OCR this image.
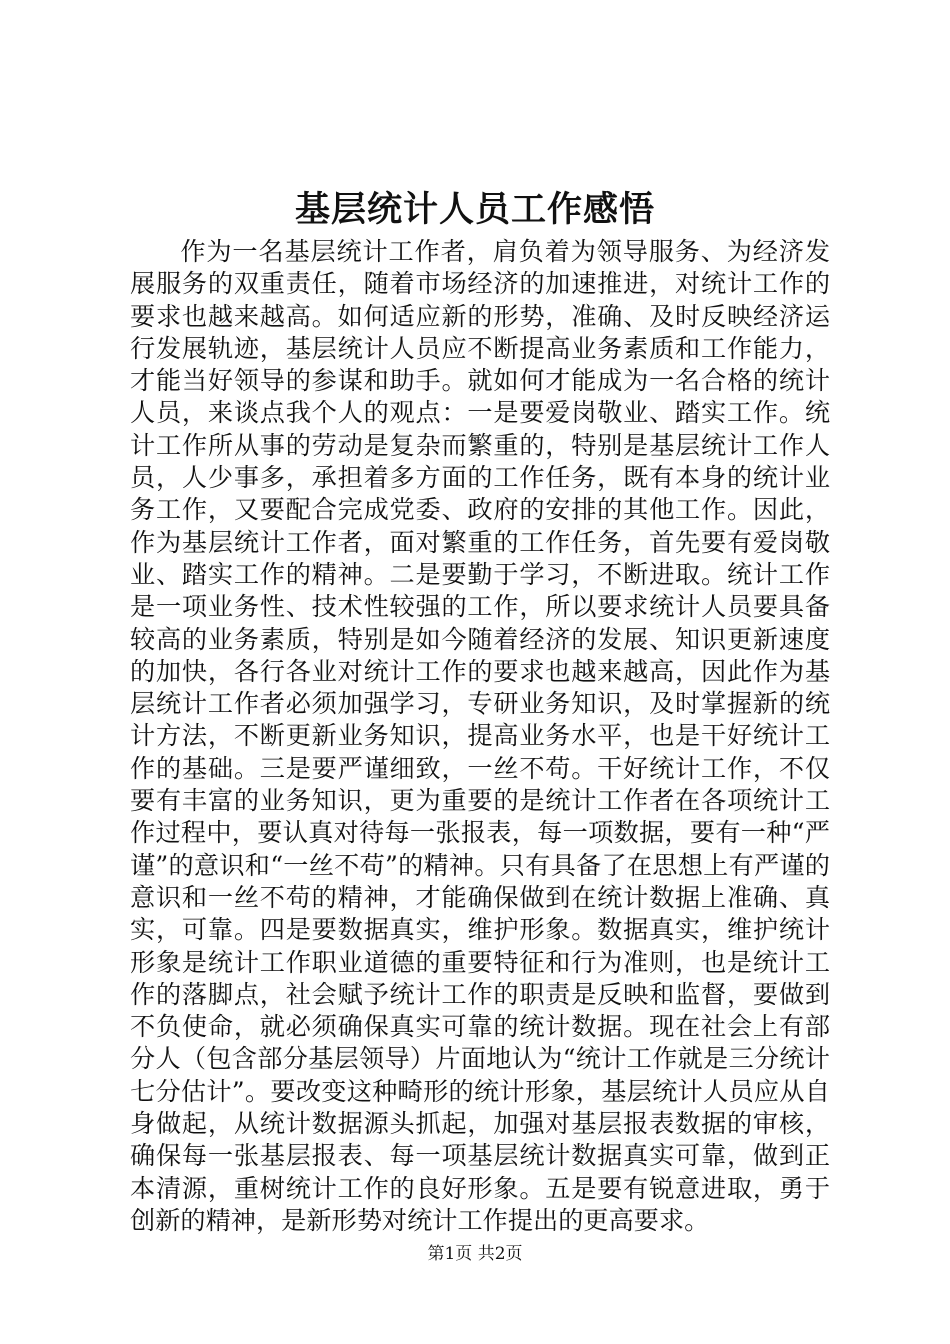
基层统计人员工作感悟

作为一名基层统计工作者，肩负着为领导服务、为经济发展服务的双重责任，随着市场经济的加速推进，对统计工作的要求也越来越高。如何适应新的形势，准确、及时反映经济运行发展轨迹，基层统计人员应不断提高业务素质和工作能力，才能当好领导的参谋和助手。就如何才能成为一名合格的统计人员，来谈点我个人的观点：一是要爱岗敬业、踏实工作。统计工作所从事的劳动是复杂而繁重的，特别是基层统计工作人员，人少事多，承担着多方面的工作任务，既有本身的统计业务工作，又要配合完成党委、政府的安排的其他工作。因此，作为基层统计工作者，面对繁重的工作任务，首先要有爱岗敬业、踏实工作的精神。二是要勤于学习，不断进取。统计工作是一项业务性、技术性较强的工作，所以要求统计人员要具备较高的业务素质，特别是如今随着经济的发展、知识更新速度的加快，各行各业对统计工作的要求也越来越高，因此作为基层统计工作者必须加强学习，专研业务知识，及时掌握新的统计方法，不断更新业务知识，提高业务水平，也是干好统计工作的基础。三是要严谨细致，一丝不苟。干好统计工作，不仅要有丰富的业务知识，更为重要的是统计工作者在各项统计工作过程中，要认真对待每一张报表，每一项数据，要有一种“严谨”的意识和“一丝不苟”的精神。只有具备了在思想上有严谨的意识和一丝不苟的精神，才能确保做到在统计数据上准确、真实，可靠。四是要数据真实，维护形象。数据真实，维护统计形象是统计工作职业道德的重要特征和行为准则，也是统计工作的落脚点，社会赋予统计工作的职责是反映和监督，要做到不负使命，就必须确保真实可靠的统计数据。现在社会上有部分人（包含部分基层领导）片面地认为“统计工作就是三分统计七分估计”。要改变这种畸形的统计形象，基层统计人员应从自身做起，从统计数据源头抓起，加强对基层报表数据的审核，确保每一张基层报表、每一项基层统计数据真实可靠，做到正本清源，重树统计工作的良好形象。五是要有锐意进取，勇于创新的精神，是新形势对统计工作提出的更高要求。

第1页 共2页
